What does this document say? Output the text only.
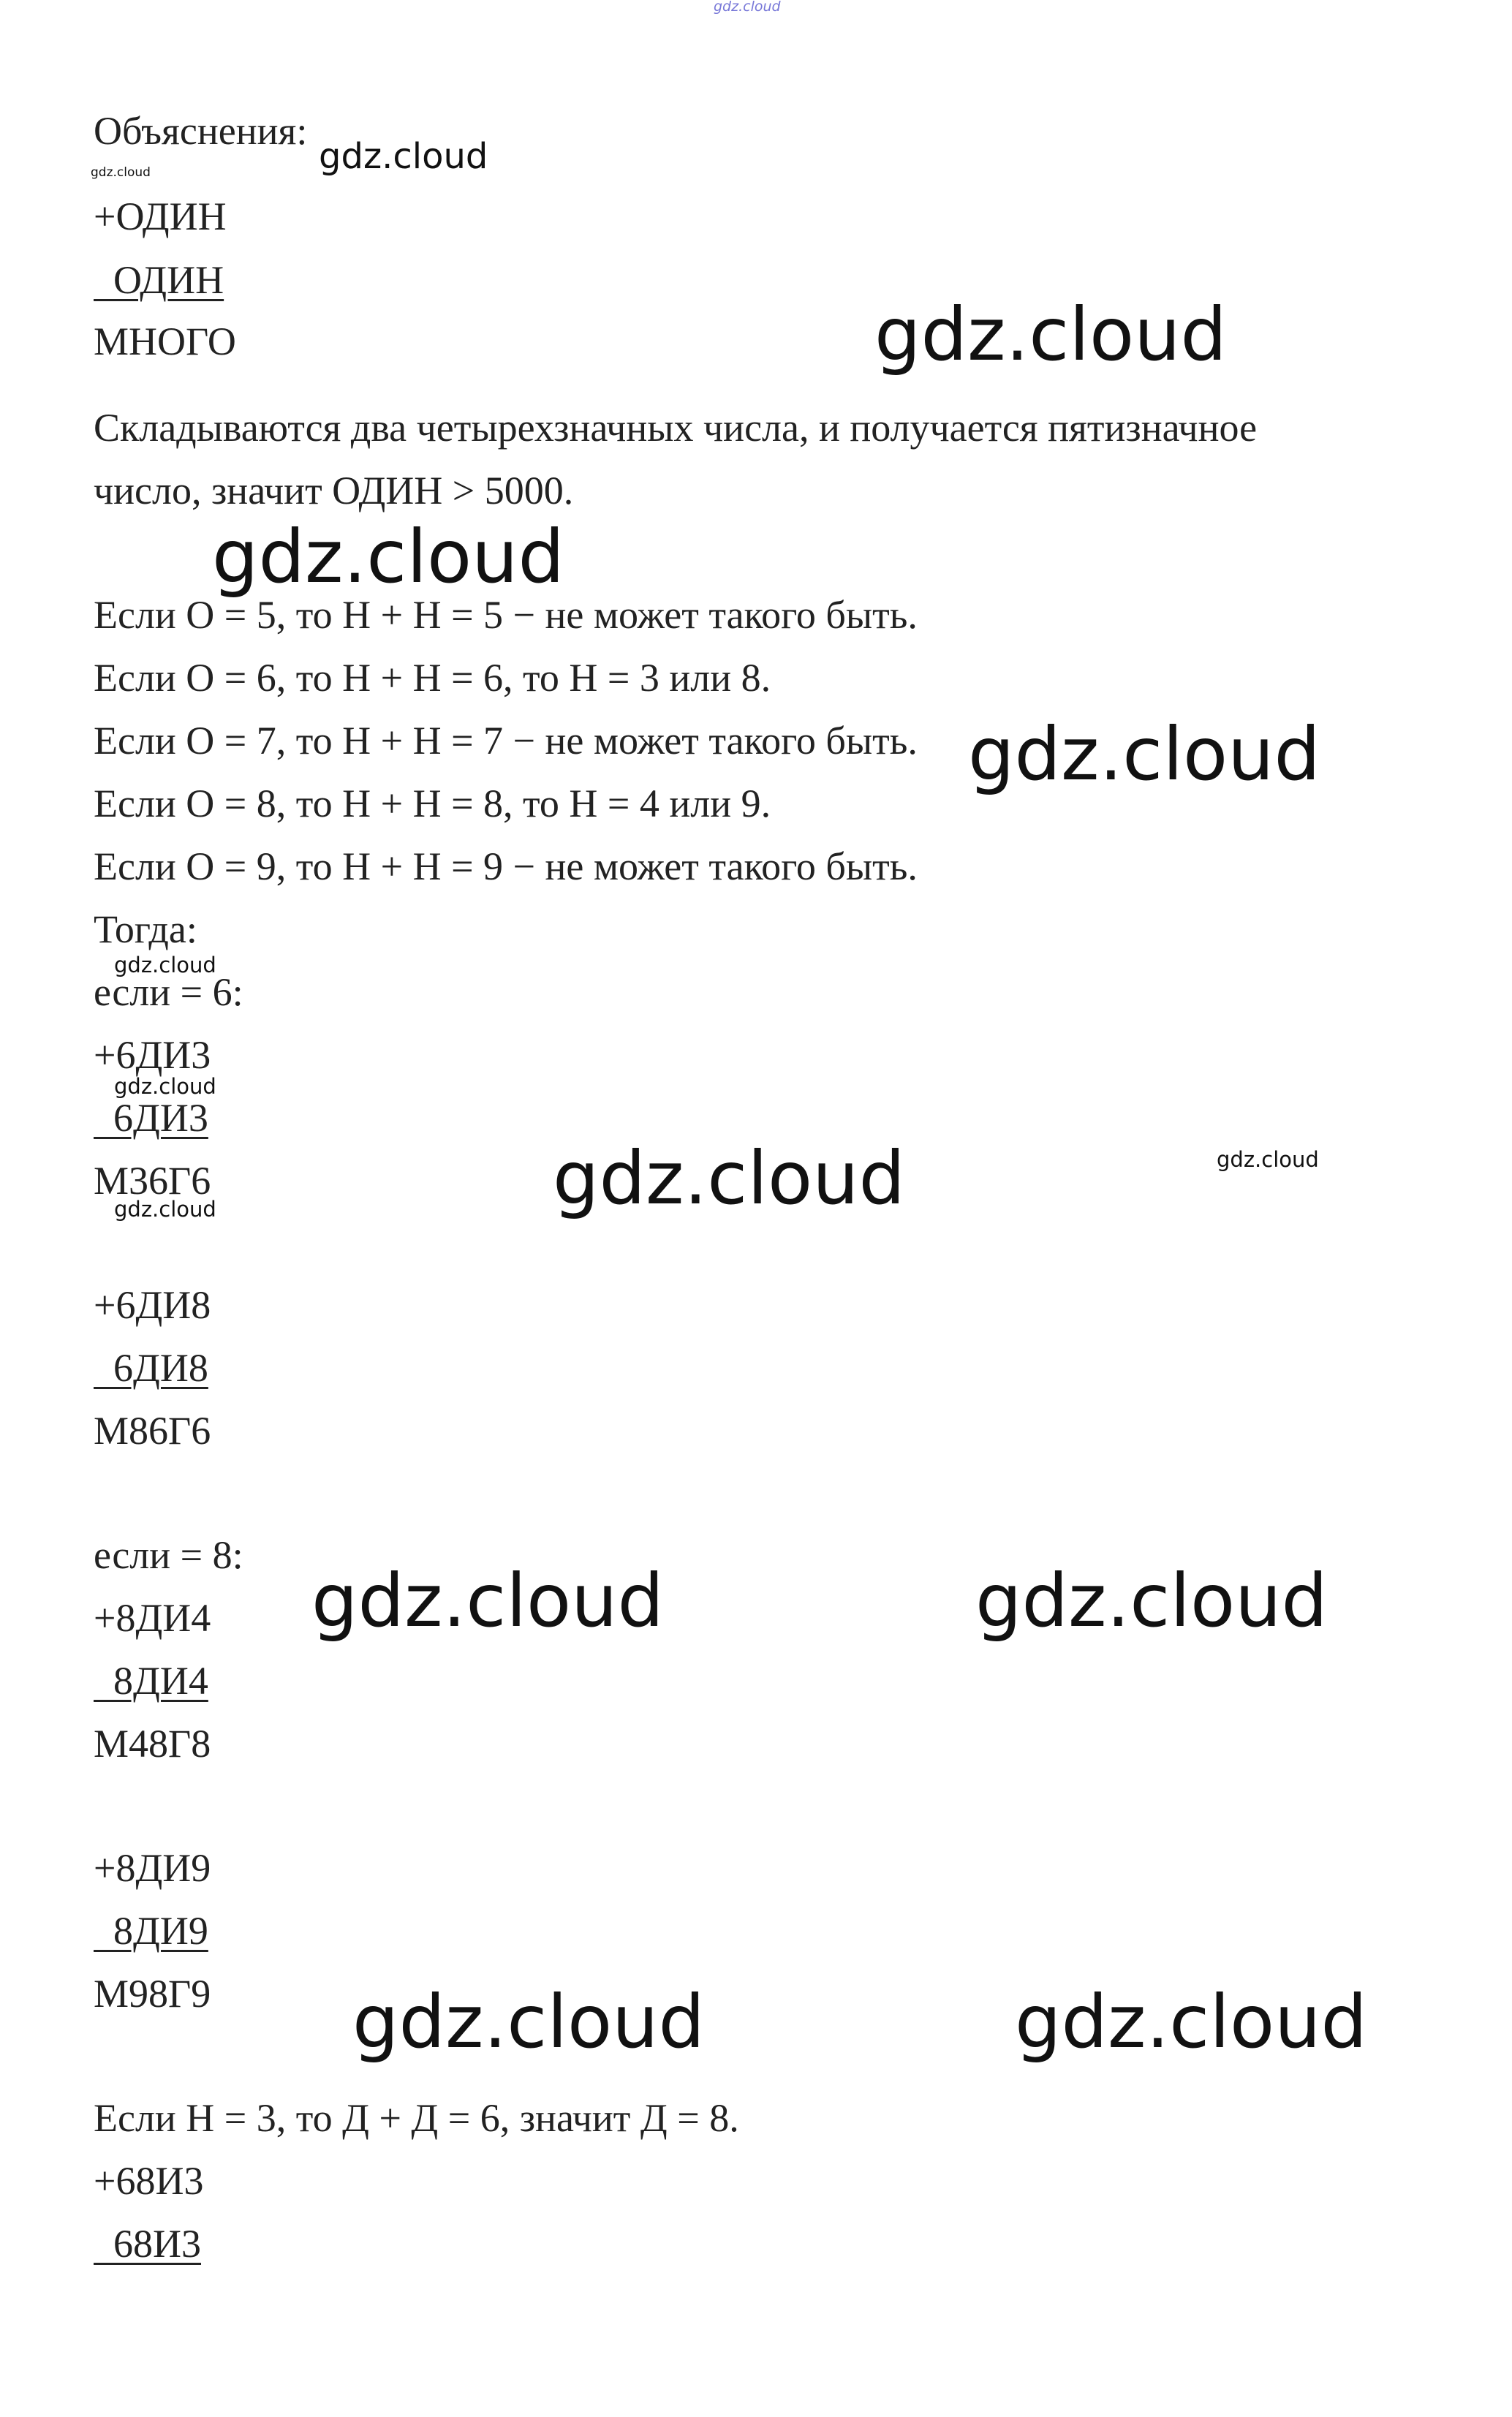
gdz.cloud
gdz.cloud
gdz.cloud
gdz.cloud
gdz.cloud
gdz.cloud
gdz.cloud
gdz.cloud
gdz.cloud	gdz.cloud
gdz.cloud
gdz.cloud	gdz.cloud
gdz.cloud	gdz.cloud
Объяснения:
+ОДИН
ОДИН
МНОГО
Складываются два четырехзначных числа, и получается пятизначное
число, значит ОДИН > 5000.
Если О = 5, то Н + Н = 5 − не может такого быть.
Если О = 6, то Н + Н = 6, то Н = 3 или 8.
Если О = 7, то Н + Н = 7 − не может такого быть.
Если О = 8, то Н + Н = 8, то Н = 4 или 9.
Если О = 9, то Н + Н = 9 − не может такого быть.
Тогда:
если = 6:
+6ДИ3
6ДИ3
М36Г6
+6ДИ8
6ДИ8
М86Г6
если = 8:
+8ДИ4
8ДИ4
М48Г8
+8ДИ9
8ДИ9
М98Г9
Если Н = 3, то Д + Д = 6, значит Д = 8.
+68И3
68И3
